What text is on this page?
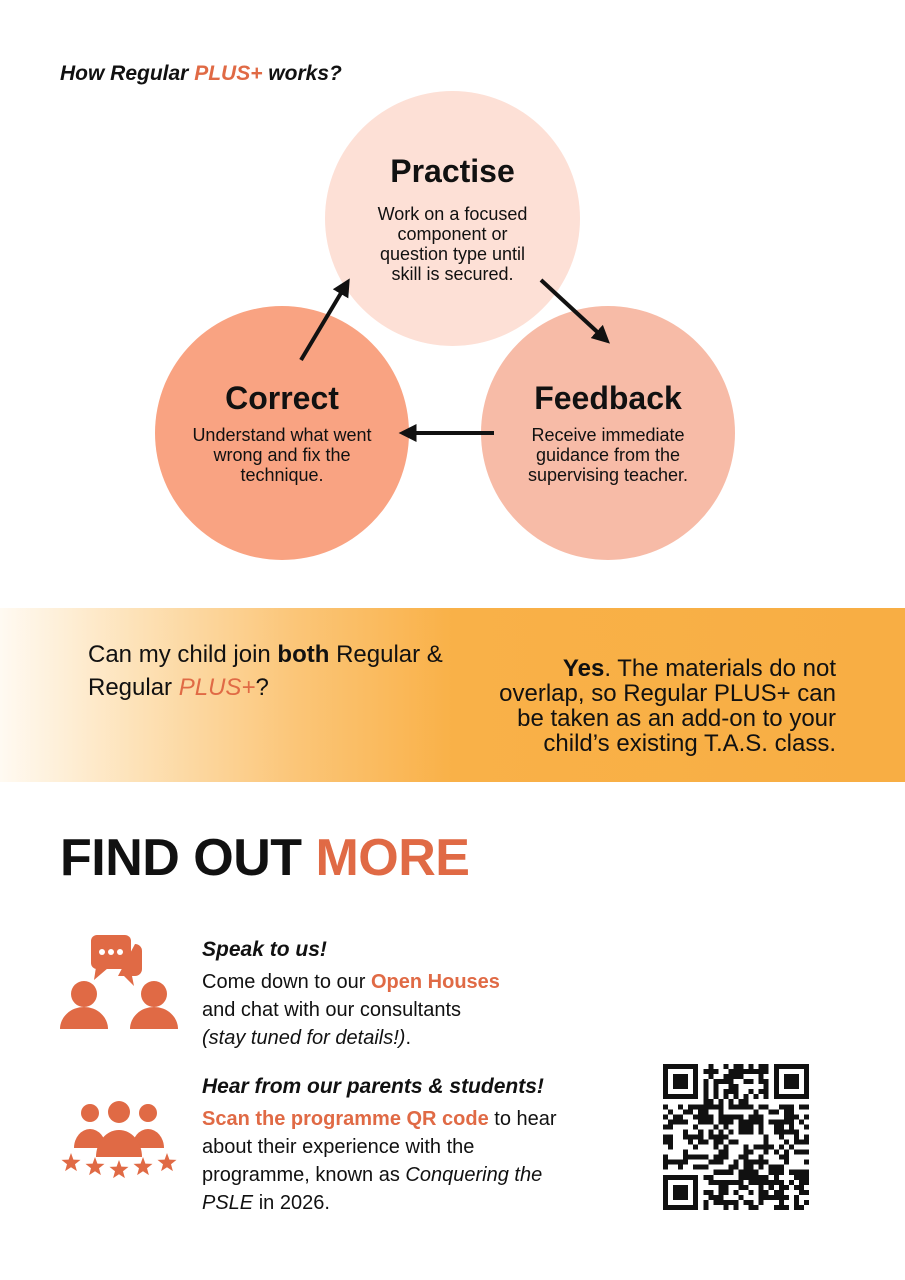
How Regular PLUS+ works?
Practise

Work on a focused component or question type until skill is secured.

Correct

Understand what went wrong and fix the technique.

Feedback

Receive immediate guidance from the supervising teacher.

Can my child join both Regular & Regular PLUS+?
Yes. The materials do not overlap, so Regular PLUS+ can be taken as an add-on to your child’s existing T.A.S. class.
FIND OUT MORE
Speak to us!
Come down to our Open Houses
and chat with our consultants
(stay tuned for details!).
Hear from our parents & students!
Scan the programme QR code to hear about their experience with the programme, known as Conquering the PSLE in 2026.
